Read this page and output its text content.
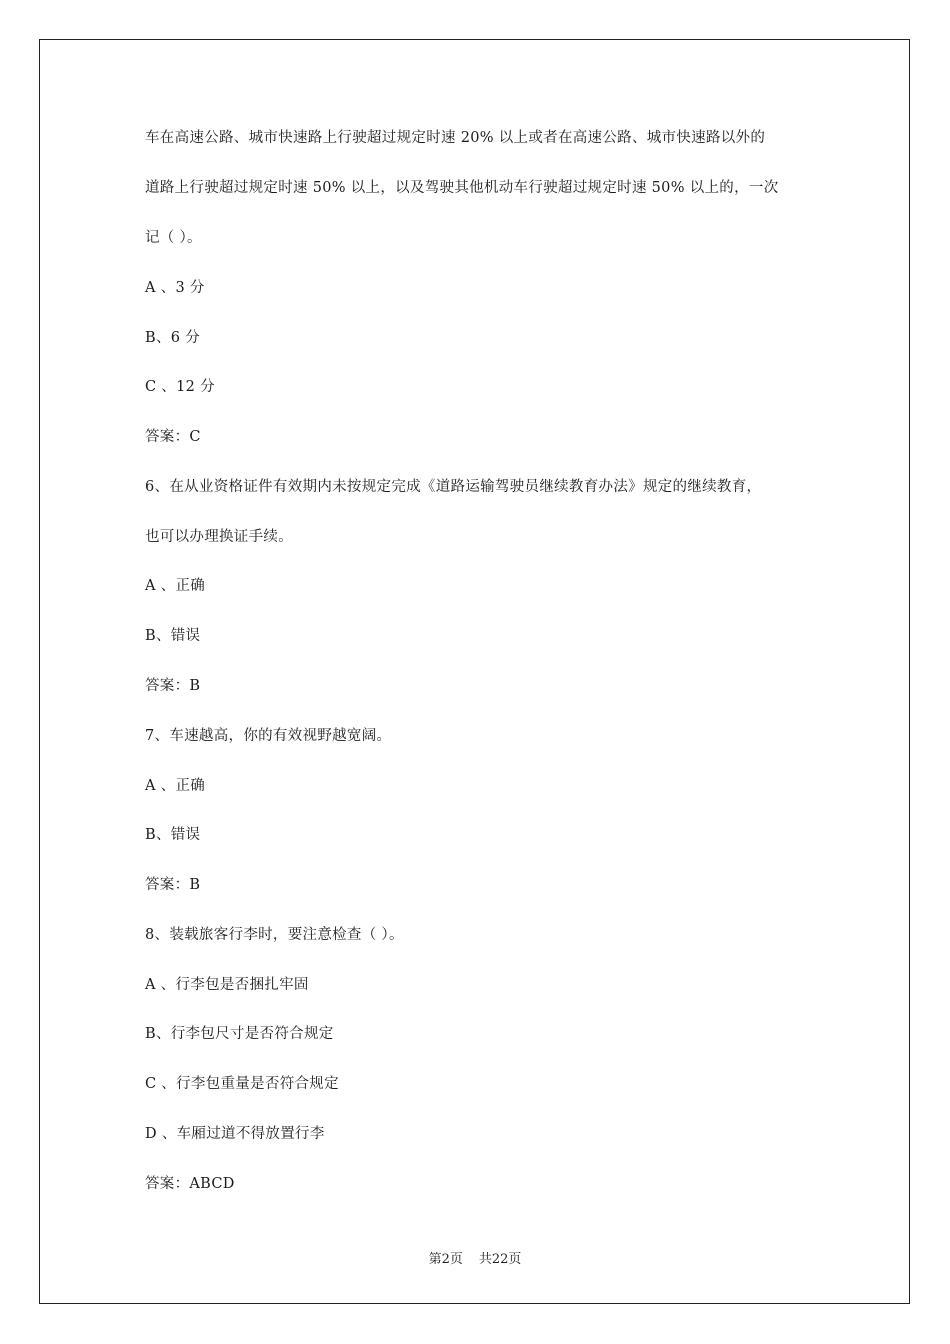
车在高速公路、城市快速路上行驶超过规定时速 20% 以上或者在高速公路、城市快速路以外的
道路上行驶超过规定时速 50% 以上，以及驾驶其他机动车行驶超过规定时速 50% 以上的，一次
记（ ）。
A 、3 分
B、6 分
C 、12 分
答案：C
6、在从业资格证件有效期内未按规定完成《道路运输驾驶员继续教育办法》规定的继续教育，
也可以办理换证手续。
A 、正确
B、错误
答案：B
7、车速越高，你的有效视野越宽阔。
A 、正确
B、错误
答案：B
8、装载旅客行李时，要注意检查（ ）。
A 、行李包是否捆扎牢固
B、行李包尺寸是否符合规定
C 、行李包重量是否符合规定
D 、车厢过道不得放置行李
答案：ABCD
第2页 共22页
